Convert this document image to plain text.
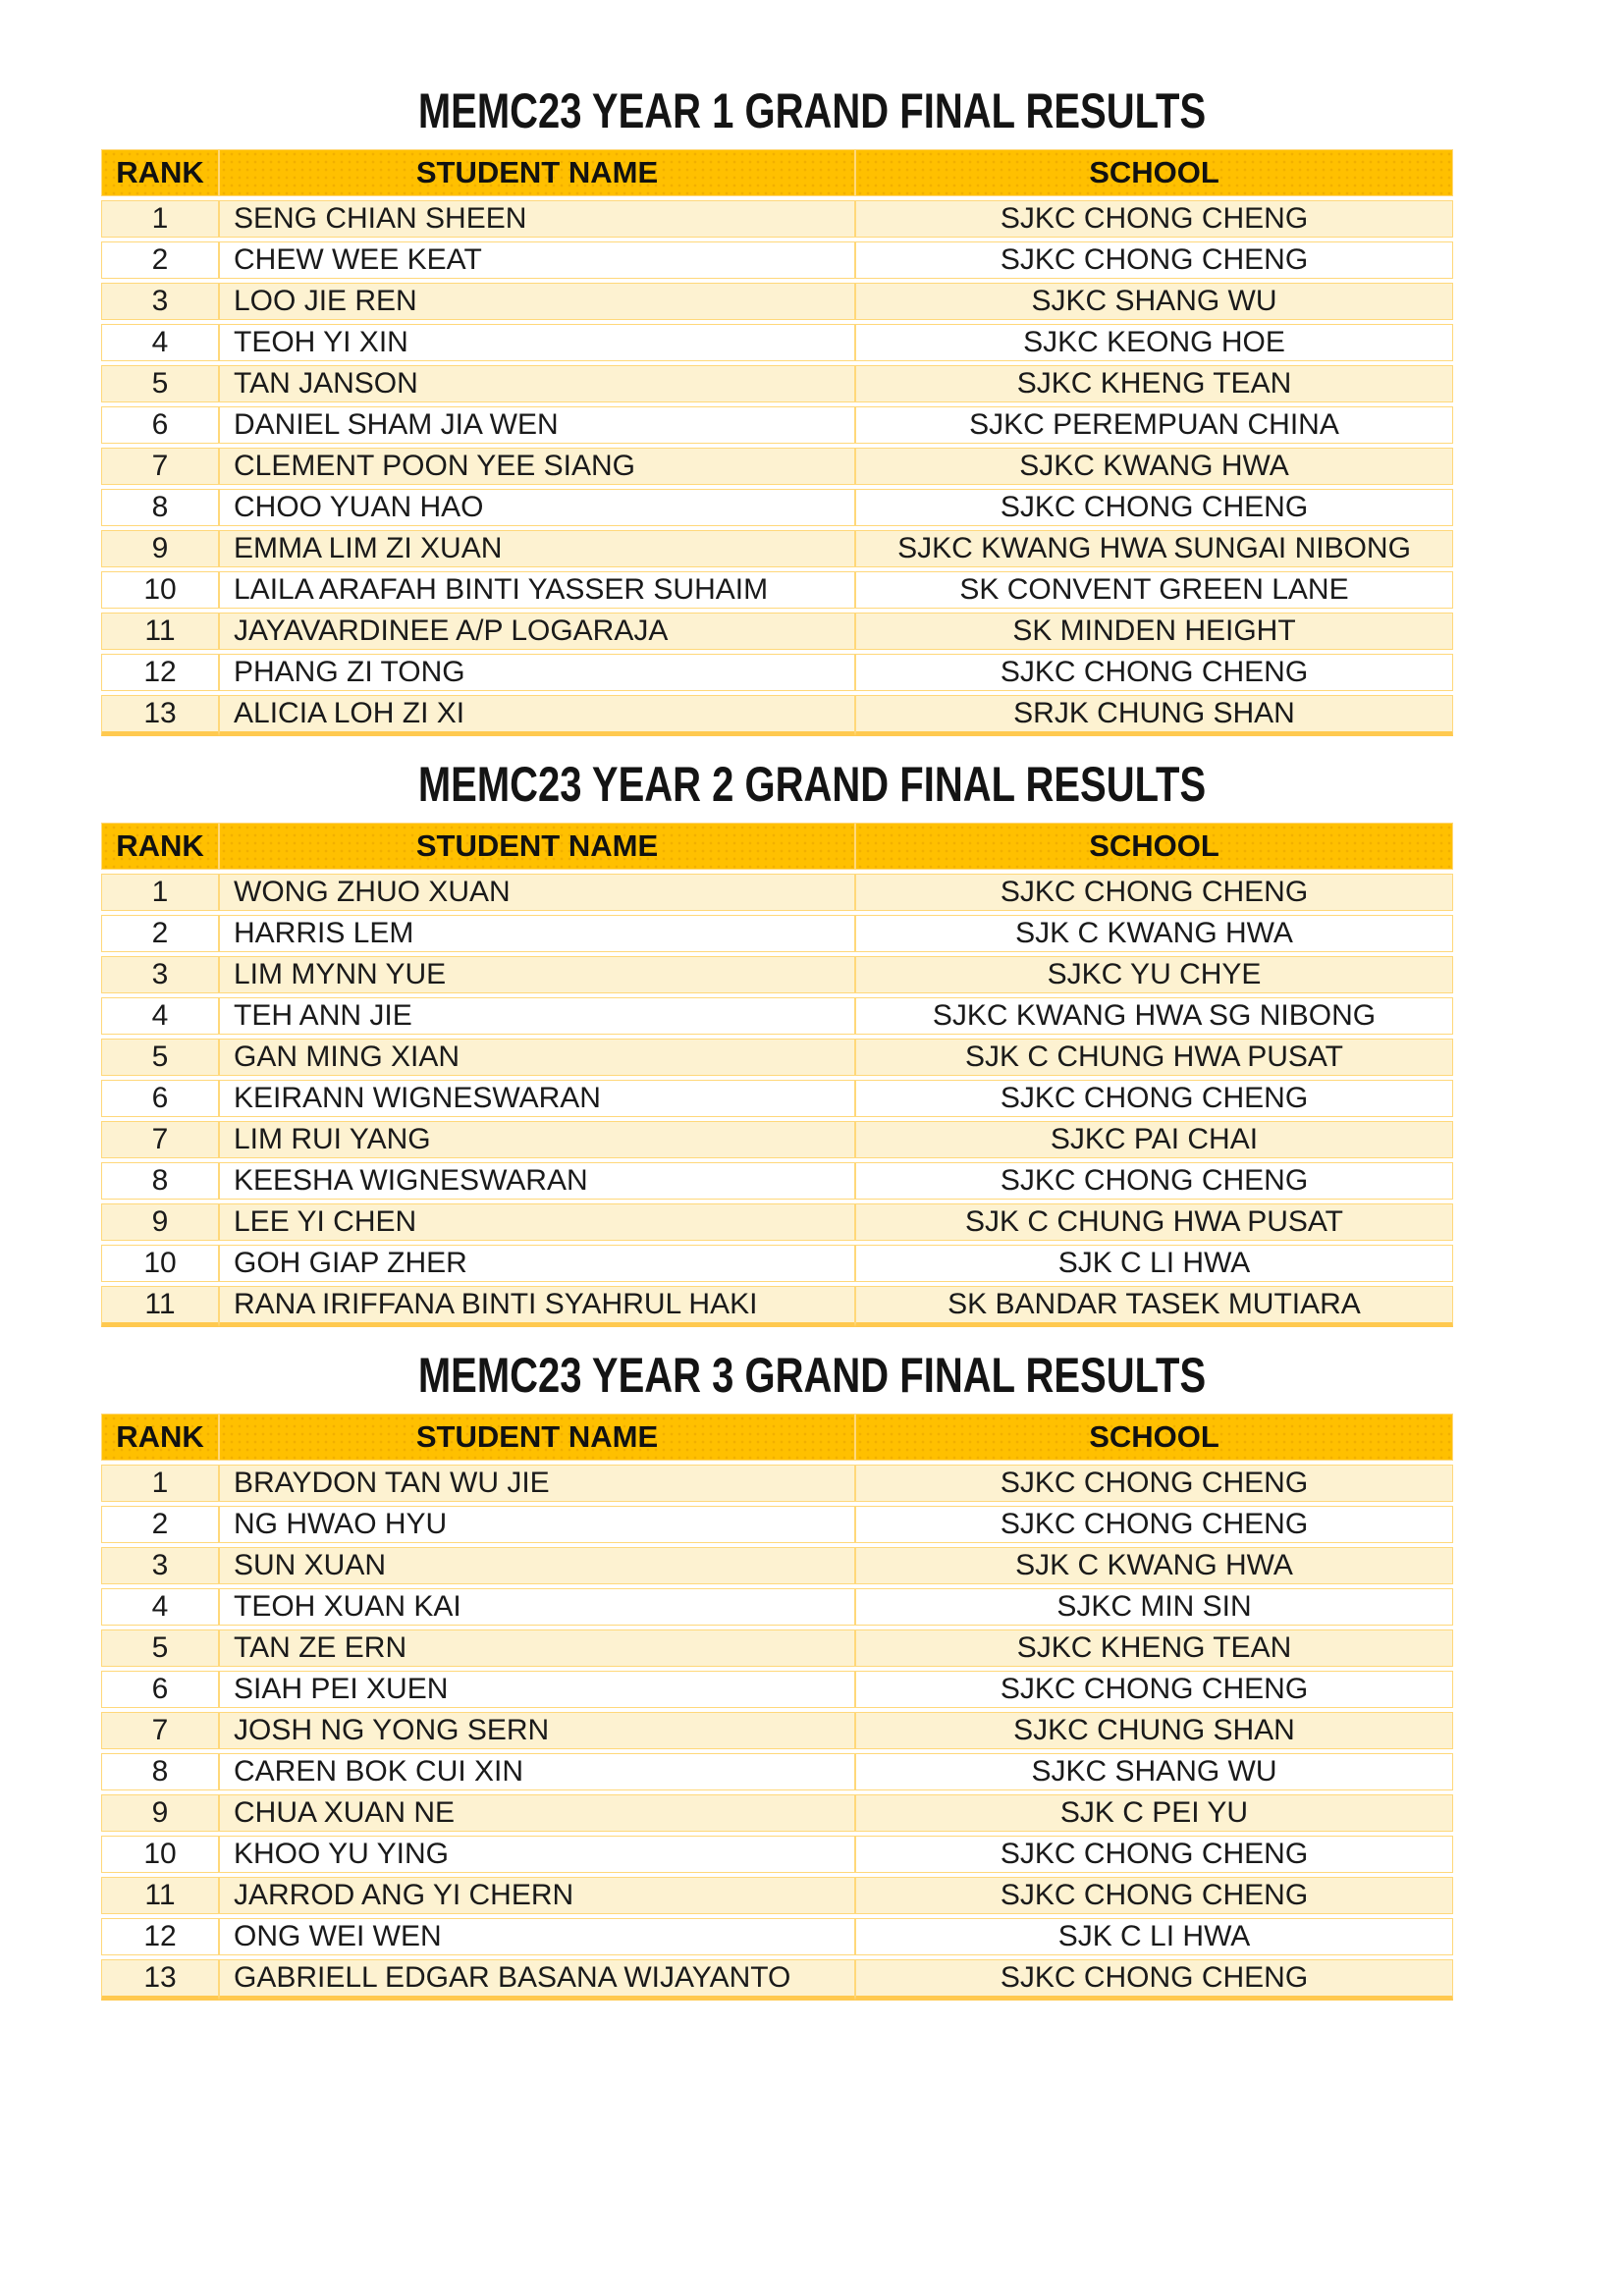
MEMC23 YEAR 1 GRAND FINAL RESULTS
RANK	STUDENT NAME	SCHOOL
1	SENG CHIAN SHEEN	SJKC CHONG CHENG
2	CHEW WEE KEAT	SJKC CHONG CHENG
3	LOO JIE REN	SJKC SHANG WU
4	TEOH YI XIN	SJKC KEONG HOE
5	TAN JANSON	SJKC KHENG TEAN
6	DANIEL SHAM JIA WEN	SJKC PEREMPUAN CHINA
7	CLEMENT POON YEE SIANG	SJKC KWANG HWA
8	CHOO YUAN HAO	SJKC CHONG CHENG
9	EMMA LIM ZI XUAN	SJKC KWANG HWA SUNGAI NIBONG
10	LAILA ARAFAH BINTI YASSER SUHAIM	SK CONVENT GREEN LANE
11	JAYAVARDINEE A/P LOGARAJA	SK MINDEN HEIGHT
12	PHANG ZI TONG	SJKC CHONG CHENG
13	ALICIA LOH ZI XI	SRJK CHUNG SHAN
MEMC23 YEAR 2 GRAND FINAL RESULTS
RANK	STUDENT NAME	SCHOOL
1	WONG ZHUO XUAN	SJKC CHONG CHENG
2	HARRIS LEM	SJK C KWANG HWA
3	LIM MYNN YUE	SJKC YU CHYE
4	TEH ANN JIE	SJKC KWANG HWA SG NIBONG
5	GAN MING XIAN	SJK C CHUNG HWA PUSAT
6	KEIRANN WIGNESWARAN	SJKC CHONG CHENG
7	LIM RUI YANG	SJKC PAI CHAI
8	KEESHA WIGNESWARAN	SJKC CHONG CHENG
9	LEE YI CHEN	SJK C CHUNG HWA PUSAT
10	GOH GIAP ZHER	SJK C LI HWA
11	RANA IRIFFANA BINTI SYAHRUL HAKI	SK BANDAR TASEK MUTIARA
MEMC23 YEAR 3 GRAND FINAL RESULTS
RANK	STUDENT NAME	SCHOOL
1	BRAYDON TAN WU JIE	SJKC CHONG CHENG
2	NG HWAO HYU	SJKC CHONG CHENG
3	SUN XUAN	SJK C KWANG HWA
4	TEOH XUAN KAI	SJKC MIN SIN
5	TAN ZE ERN	SJKC KHENG TEAN
6	SIAH PEI XUEN	SJKC CHONG CHENG
7	JOSH NG YONG SERN	SJKC CHUNG SHAN
8	CAREN BOK CUI XIN	SJKC SHANG WU
9	CHUA XUAN NE	SJK C PEI YU
10	KHOO YU YING	SJKC CHONG CHENG
11	JARROD ANG YI CHERN	SJKC CHONG CHENG
12	ONG WEI WEN	SJK C LI HWA
13	GABRIELL EDGAR BASANA WIJAYANTO	SJKC CHONG CHENG
